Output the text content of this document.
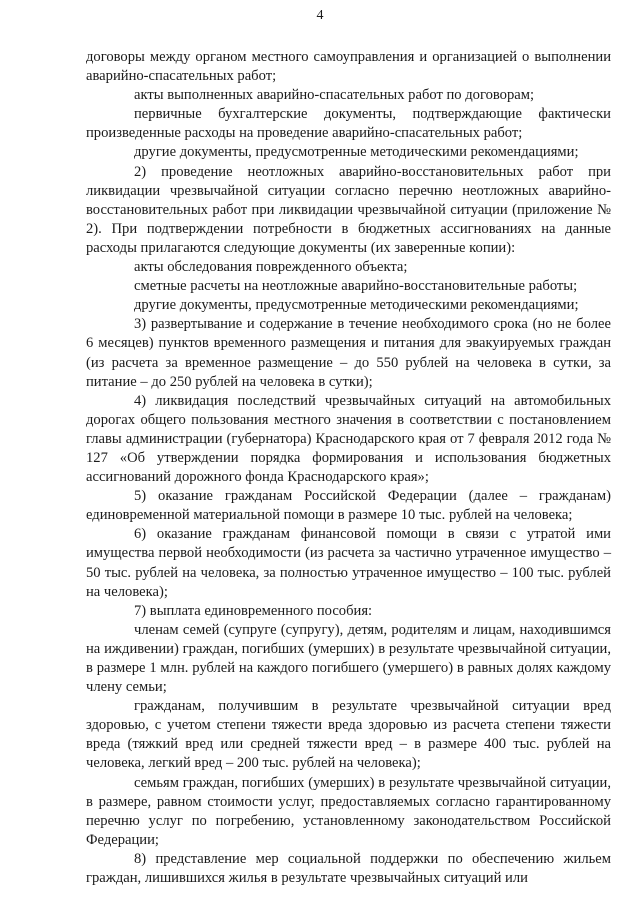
4

договоры между органом местного самоуправления и организацией о выполнении аварийно-спасательных работ;

акты выполненных аварийно-спасательных работ по договорам;

первичные бухгалтерские документы, подтверждающие фактически произведенные расходы на проведение аварийно-спасательных работ;

другие документы, предусмотренные методическими рекомендациями;

2) проведение неотложных аварийно-восстановительных работ при ликвидации чрезвычайной ситуации согласно перечню неотложных аварийно-восстановительных работ при ликвидации чрезвычайной ситуации (приложение № 2). При подтверждении потребности в бюджетных ассигнованиях на данные расходы прилагаются следующие документы (их заверенные копии):

акты обследования поврежденного объекта;

сметные расчеты на неотложные аварийно-восстановительные работы;

другие документы, предусмотренные методическими рекомендациями;

3) развертывание и содержание в течение необходимого срока (но не более 6 месяцев) пунктов временного размещения и питания для эвакуируемых граждан (из расчета за временное размещение – до 550 рублей на человека в сутки, за питание – до 250 рублей на человека в сутки);

4) ликвидация последствий чрезвычайных ситуаций на автомобильных дорогах общего пользования местного значения в соответствии с постановлением главы администрации (губернатора) Краснодарского края от 7 февраля 2012 года № 127 «Об утверждении порядка формирования и использования бюджетных ассигнований дорожного фонда Краснодарского края»;

5) оказание гражданам Российской Федерации (далее – гражданам) единовременной материальной помощи в размере 10 тыс. рублей на человека;

6) оказание гражданам финансовой помощи в связи с утратой ими имущества первой необходимости (из расчета за частично утраченное имущество – 50 тыс. рублей на человека, за полностью утраченное имущество – 100 тыс. рублей на человека);

7) выплата единовременного пособия:

членам семей (супруге (супругу), детям, родителям и лицам, находившимся на иждивении) граждан, погибших (умерших) в результате чрезвычайной ситуации, в размере 1 млн. рублей на каждого погибшего (умершего) в равных долях каждому члену семьи;

гражданам, получившим в результате чрезвычайной ситуации вред здоровью, с учетом степени тяжести вреда здоровью из расчета степени тяжести вреда (тяжкий вред или средней тяжести вред – в размере 400 тыс. рублей на человека, легкий вред – 200 тыс. рублей на человека);

семьям граждан, погибших (умерших) в результате чрезвычайной ситуации, в размере, равном стоимости услуг, предоставляемых согласно гарантированному перечню услуг по погребению, установленному законодательством Российской Федерации;

8) представление мер социальной поддержки по обеспечению жильем граждан, лишившихся жилья в результате чрезвычайных ситуаций или
